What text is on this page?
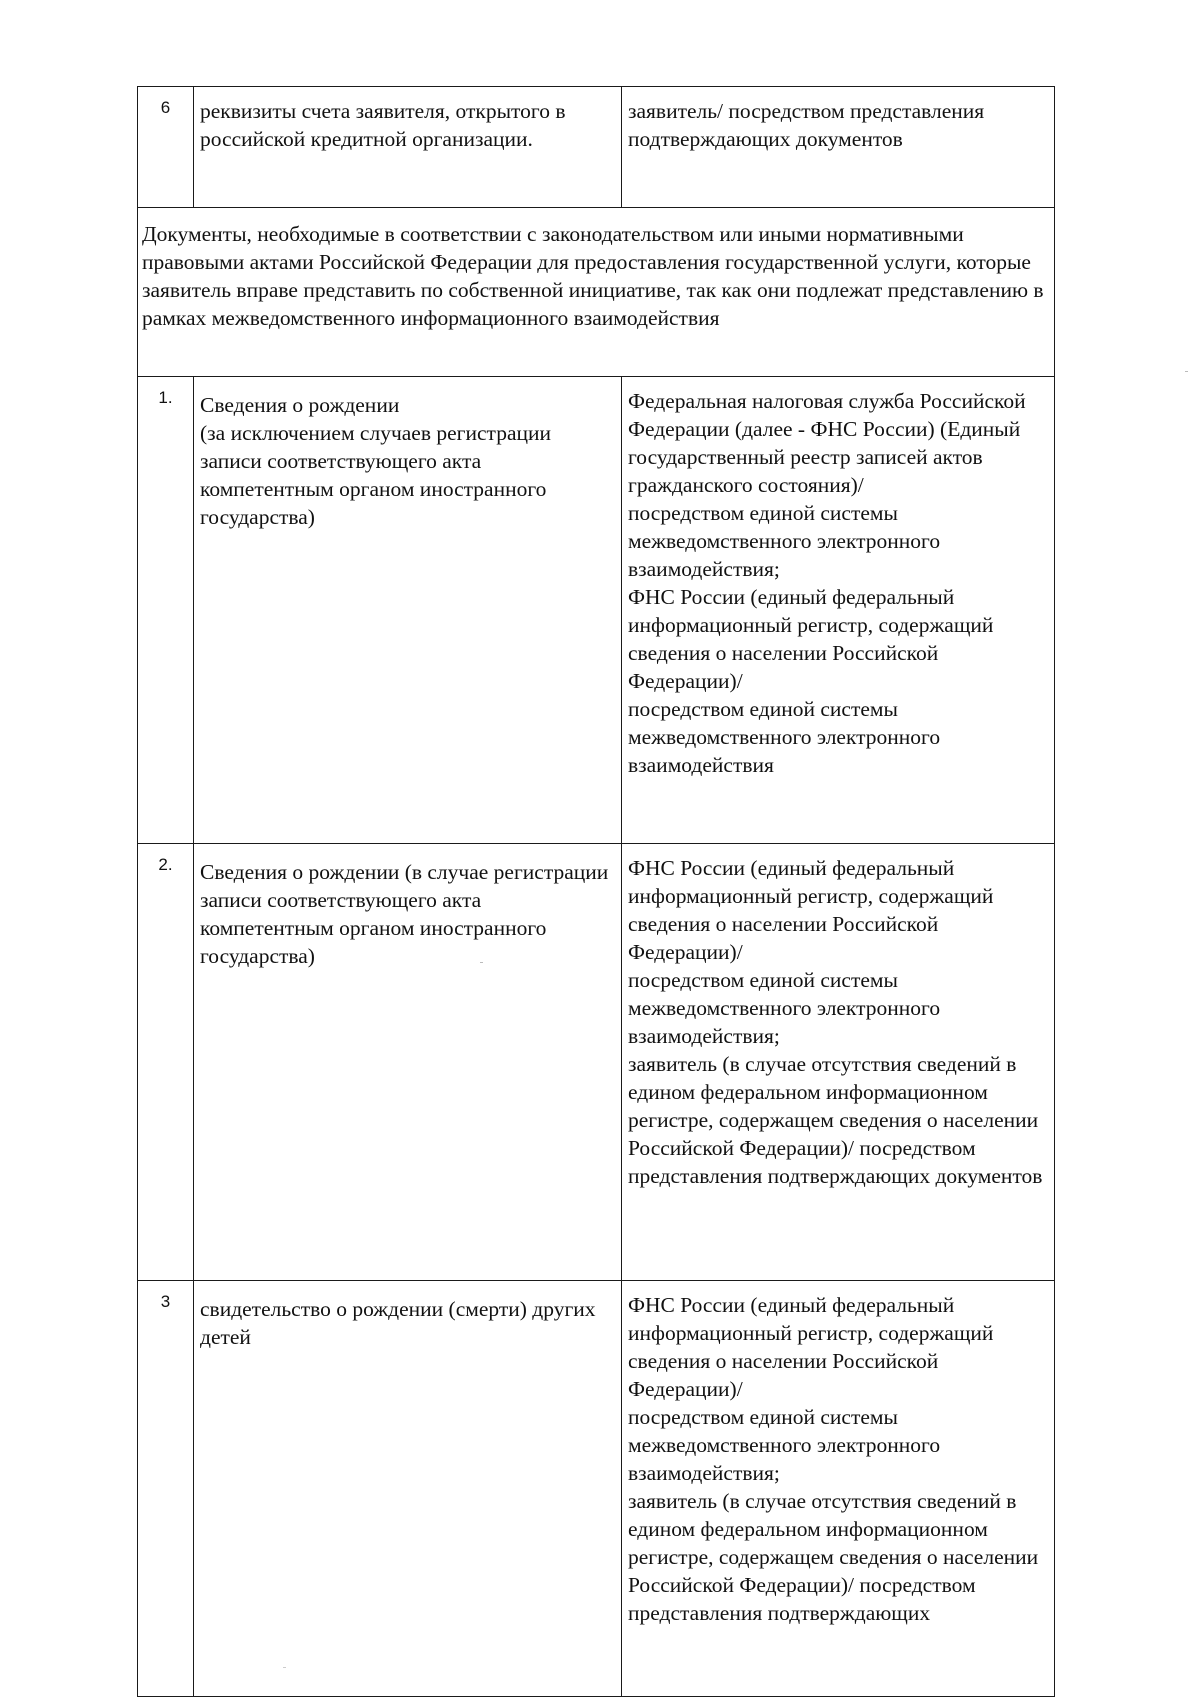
6	реквизиты счета заявителя, открытого в российской кредитной организации.	заявитель/ посредством представления подтверждающих документов
Документы, необходимые в соответствии с законодательством или иными нормативными правовыми актами Российской Федерации для предоставления государственной услуги, которые заявитель вправе представить по собственной инициативе, так как они подлежат представлению в рамках межведомственного информационного взаимодействия		
1.	Сведения о рождении
(за исключением случаев регистрации записи соответствующего акта компетентным органом иностранного государства)	Федеральная налоговая служба Российской Федерации (далее - ФНС России) (Единый государственный реестр записей актов гражданского состояния)/
посредством единой системы межведомственного электронного взаимодействия;
ФНС России (единый федеральный информационный регистр, содержащий сведения о населении Российской Федерации)/
посредством единой системы межведомственного электронного взаимодействия
2.	Сведения о рождении (в случае регистрации записи соответствующего акта компетентным органом иностранного государства)	ФНС России (единый федеральный информационный регистр, содержащий сведения о населении Российской Федерации)/
посредством единой системы межведомственного электронного взаимодействия;
заявитель (в случае отсутствия сведений в едином федеральном информационном регистре, содержащем сведения о населении Российской Федерации)/ посредством представления подтверждающих документов
3	свидетельство о рождении (смерти) других детей	ФНС России (единый федеральный информационный регистр, содержащий сведения о населении Российской Федерации)/
посредством единой системы межведомственного электронного взаимодействия;
заявитель (в случае отсутствия сведений в едином федеральном информационном регистре, содержащем сведения о населении Российской Федерации)/ посредством представления подтверждающих
